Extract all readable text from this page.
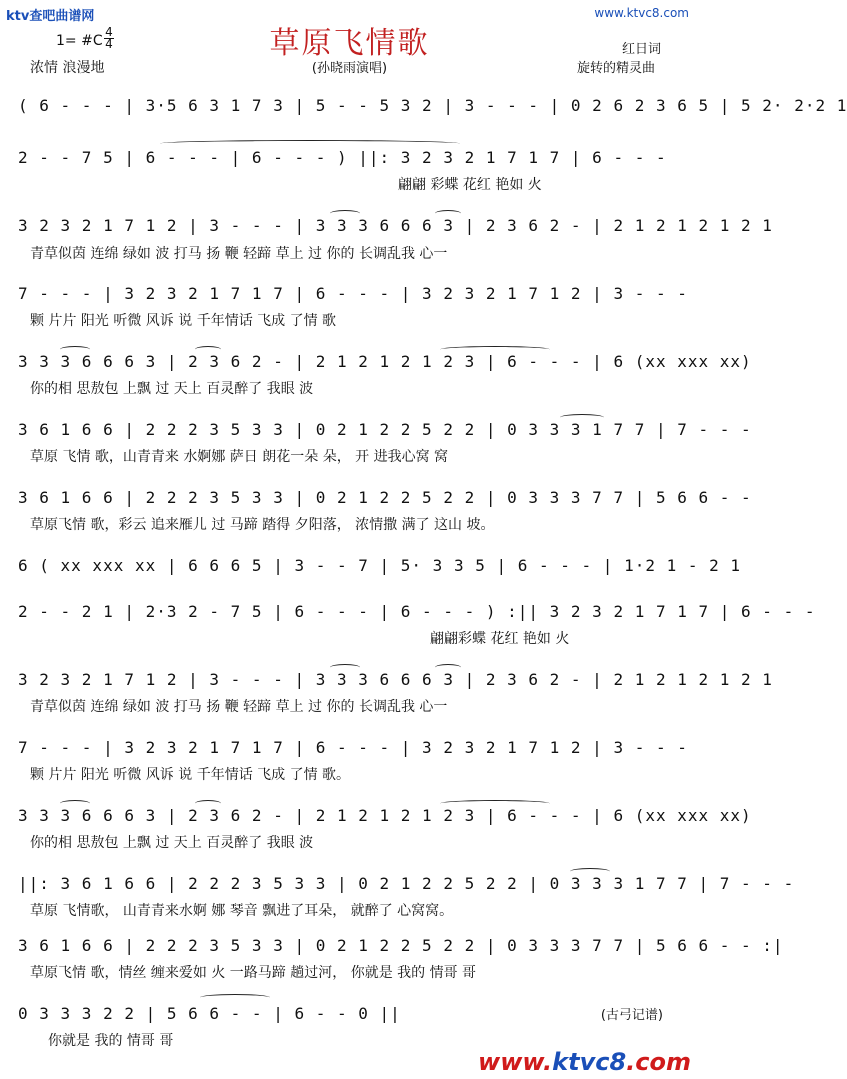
ktv查吧曲谱网	www.ktvc8.com
草原飞情歌
(孙晓雨演唱)
1= #C
4
4
浓情 浪漫地
红日词
旋转的精灵曲
( 6 - - - | 3·5 6 3 1 7 3 | 5 - - 5 3 2 | 3 - - - | 0 2 6 2 3 6 5 | 5 2· 2·2 1
2 - - 7 5 | 6 - - - | 6 - - - ) ||: 3 2 3 2 1 7 1 7 | 6 - - -
翩翩 彩蝶 花红 艳如 火
3 2 3 2 1 7 1 2 | 3 - - - | 3 3 3 6 6 6 3 | 2 3 6 2 - | 2 1 2 1 2 1 2 1
青草似茵 连绵 绿如 波 打马 扬 鞭 轻蹄 草上 过 你的 长调乱我 心一
7 - - - | 3 2 3 2 1 7 1 7 | 6 - - - | 3 2 3 2 1 7 1 2 | 3 - - -
颗 片片 阳光 听微 风诉 说 千年情话 飞成 了情 歌
3 3 3 6 6 6 3 | 2 3 6 2 - | 2 1 2 1 2 1 2 3 | 6 - - - | 6 (xx xxx xx)
你的相 思敖包 上飘 过 天上 百灵醉了 我眼 波
3 6 1 6 6 | 2 2 2 3 5 3 3 | 0 2 1 2 2 5 2 2 | 0 3 3 3 1 7 7 | 7 - - -
草原 飞情 歌，山青青来 水婀娜 萨日 朗花一朵 朵， 开 进我心窝 窝
3 6 1 6 6 | 2 2 2 3 5 3 3 | 0 2 1 2 2 5 2 2 | 0 3 3 3 7 7 | 5 6 6 - -
草原飞情 歌，彩云 追来雁儿 过 马蹄 踏得 夕阳落， 浓情撒 满了 这山 坡。
6 ( xx xxx xx | 6 6 6 5 | 3 - - 7 | 5· 3 3 5 | 6 - - - | 1·2 1 - 2 1
2 - - 2 1 | 2·3 2 - 7 5 | 6 - - - | 6 - - - ) :|| 3 2 3 2 1 7 1 7 | 6 - - -
翩翩彩蝶 花红 艳如 火
3 2 3 2 1 7 1 2 | 3 - - - | 3 3 3 6 6 6 3 | 2 3 6 2 - | 2 1 2 1 2 1 2 1
青草似茵 连绵 绿如 波 打马 扬 鞭 轻蹄 草上 过 你的 长调乱我 心一
7 - - - | 3 2 3 2 1 7 1 7 | 6 - - - | 3 2 3 2 1 7 1 2 | 3 - - -
颗 片片 阳光 听微 风诉 说 千年情话 飞成 了情 歌。
3 3 3 6 6 6 3 | 2 3 6 2 - | 2 1 2 1 2 1 2 3 | 6 - - - | 6 (xx xxx xx)
你的相 思敖包 上飘 过 天上 百灵醉了 我眼 波
||: 3 6 1 6 6 | 2 2 2 3 5 3 3 | 0 2 1 2 2 5 2 2 | 0 3 3 3 1 7 7 | 7 - - -
草原 飞情歌， 山青青来水婀 娜 琴音 飘进了耳朵， 就醉了 心窝窝。
3 6 1 6 6 | 2 2 2 3 5 3 3 | 0 2 1 2 2 5 2 2 | 0 3 3 3 7 7 | 5 6 6 - - :|
草原飞情 歌，情丝 缠来爱如 火 一路马蹄 趟过河， 你就是 我的 情哥 哥
0 3 3 3 2 2 | 5 6 6 - - | 6 - - 0 ||
你就是 我的 情哥 哥
(古弓记谱)
www.ktvc8.com
